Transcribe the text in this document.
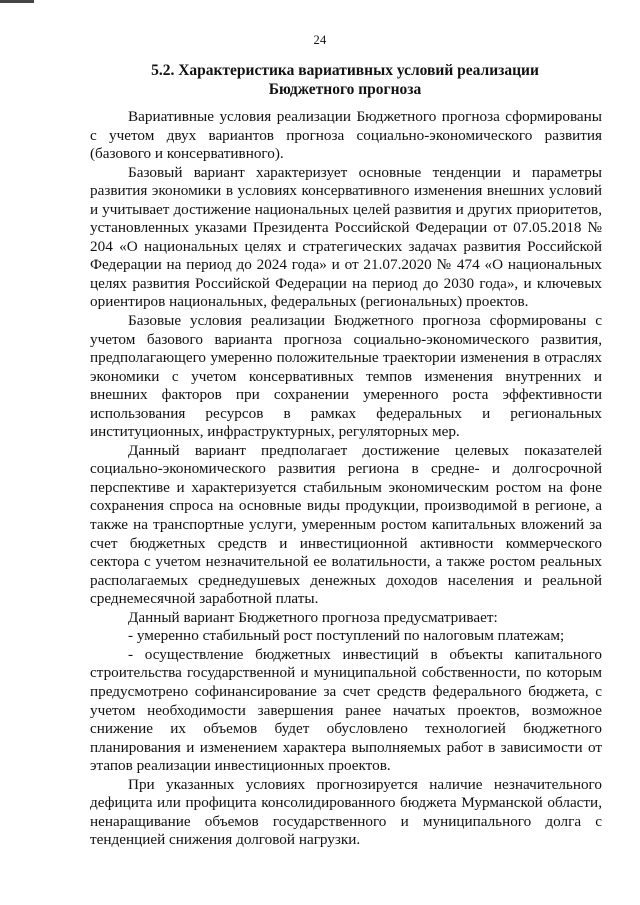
24
5.2. Характеристика вариативных условий реализации
Бюджетного прогноза

Вариативные условия реализации Бюджетного прогноза сформированы с учетом двух вариантов прогноза социально-экономического развития (базового и консервативного).

Базовый вариант характеризует основные тенденции и параметры развития экономики в условиях консервативного изменения внешних условий и учитывает достижение национальных целей развития и других приоритетов, установленных указами Президента Российской Федерации от 07.05.2018 № 204 «О национальных целях и стратегических задачах развития Российской Федерации на период до 2024 года» и от 21.07.2020 № 474 «О национальных целях развития Российской Федерации на период до 2030 года», и ключевых ориентиров национальных, федеральных (региональных) проектов.

Базовые условия реализации Бюджетного прогноза сформированы с учетом базового варианта прогноза социально-экономического развития, предполагающего умеренно положительные траектории изменения в отраслях экономики с учетом консервативных темпов изменения внутренних и внешних факторов при сохранении умеренного роста эффективности использования ресурсов в рамках федеральных и региональных институционных, инфраструктурных, регуляторных мер.

Данный вариант предполагает достижение целевых показателей социально-экономического развития региона в средне- и долгосрочной перспективе и характеризуется стабильным экономическим ростом на фоне сохранения спроса на основные виды продукции, производимой в регионе, а также на транспортные услуги, умеренным ростом капитальных вложений за счет бюджетных средств и инвестиционной активности коммерческого сектора с учетом незначительной ее волатильности, а также ростом реальных располагаемых среднедушевых денежных доходов населения и реальной среднемесячной заработной платы.

Данный вариант Бюджетного прогноза предусматривает:

- умеренно стабильный рост поступлений по налоговым платежам;

- осуществление бюджетных инвестиций в объекты капитального строительства государственной и муниципальной собственности, по которым предусмотрено софинансирование за счет средств федерального бюджета, с учетом необходимости завершения ранее начатых проектов, возможное снижение их объемов будет обусловлено технологией бюджетного планирования и изменением характера выполняемых работ в зависимости от этапов реализации инвестиционных проектов.

При указанных условиях прогнозируется наличие незначительного дефицита или профицита консолидированного бюджета Мурманской области, ненаращивание объемов государственного и муниципального долга с тенденцией снижения долговой нагрузки.
